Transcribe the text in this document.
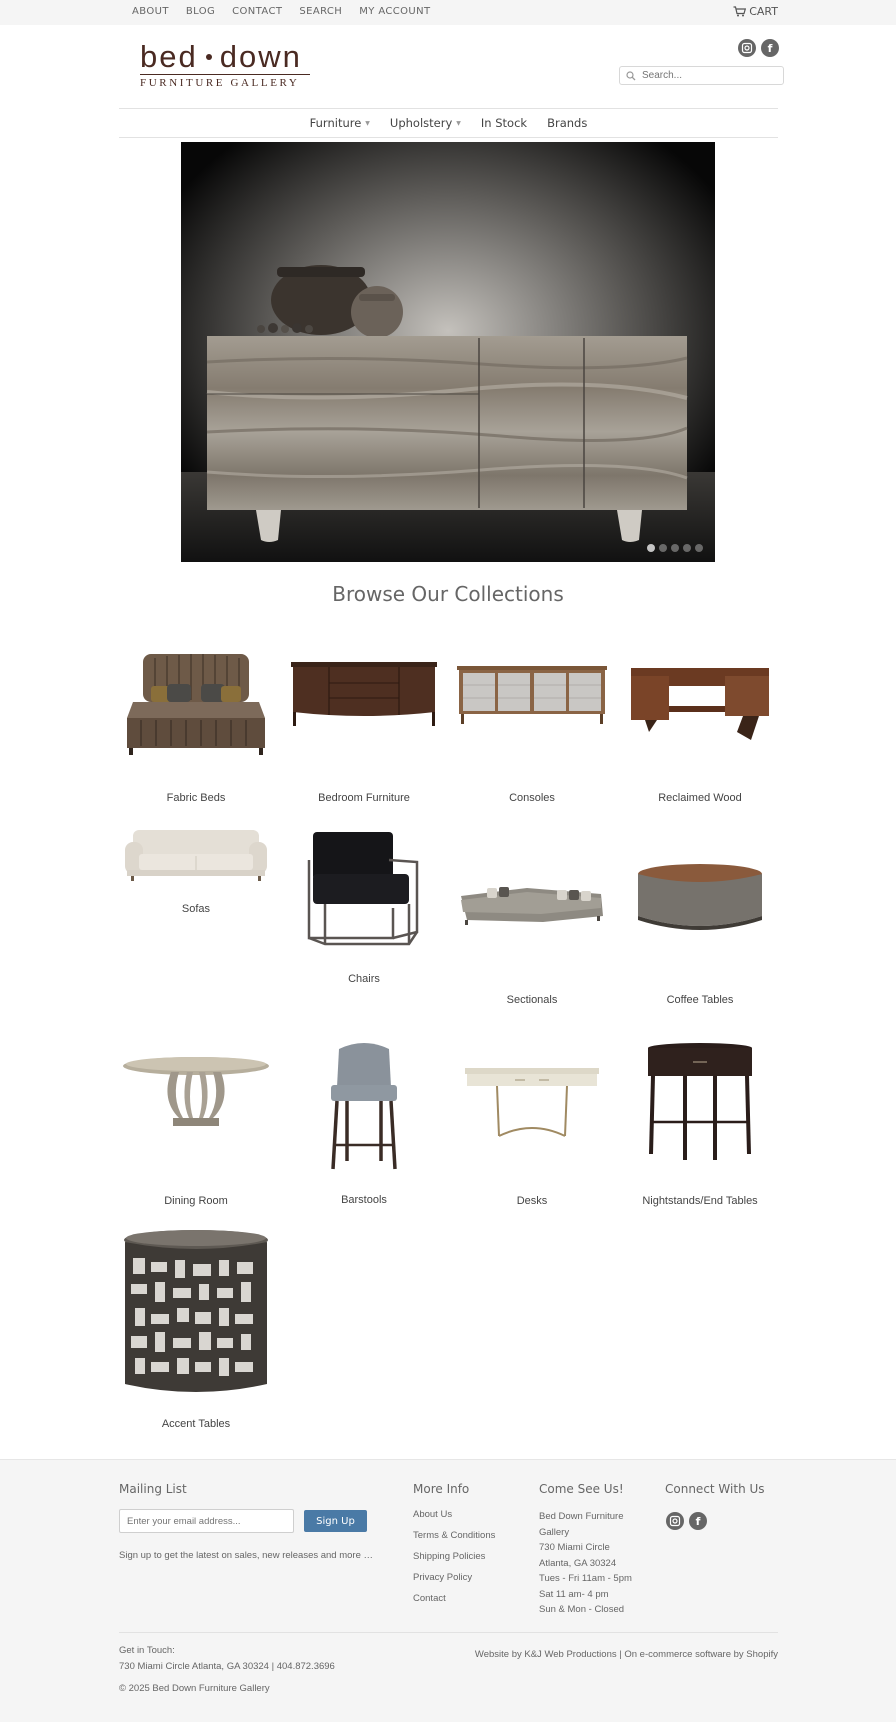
ABOUT BLOG CONTACT SEARCH MY ACCOUNT	CART
bed down
FURNITURE GALLERY
f
Search...
Furniture ▼ Upholstery ▼ In Stock Brands
Browse Our Collections
Fabric Beds	Bedroom Furniture	Consoles	Reclaimed Wood
Sofas
Chairs
Sectionals	Coffee Tables
Dining Room	Barstools	Desks	Nightstands/End Tables
Accent Tables
Mailing List
Enter your email address...
Sign Up
Sign up to get the latest on sales, new releases and more …
More Info
About Us
Terms & Conditions
Shipping Policies
Privacy Policy
Contact
Come See Us!
Bed Down Furniture
Gallery
730 Miami Circle
Atlanta, GA 30324
Tues - Fri 11am - 5pm
Sat 11 am- 4 pm
Sun & Mon - Closed
Connect With Us
f
Get in Touch:
730 Miami Circle Atlanta, GA 30324 | 404.872.3696
© 2025 Bed Down Furniture Gallery
Website by K&J Web Productions | On e-commerce software by Shopify
